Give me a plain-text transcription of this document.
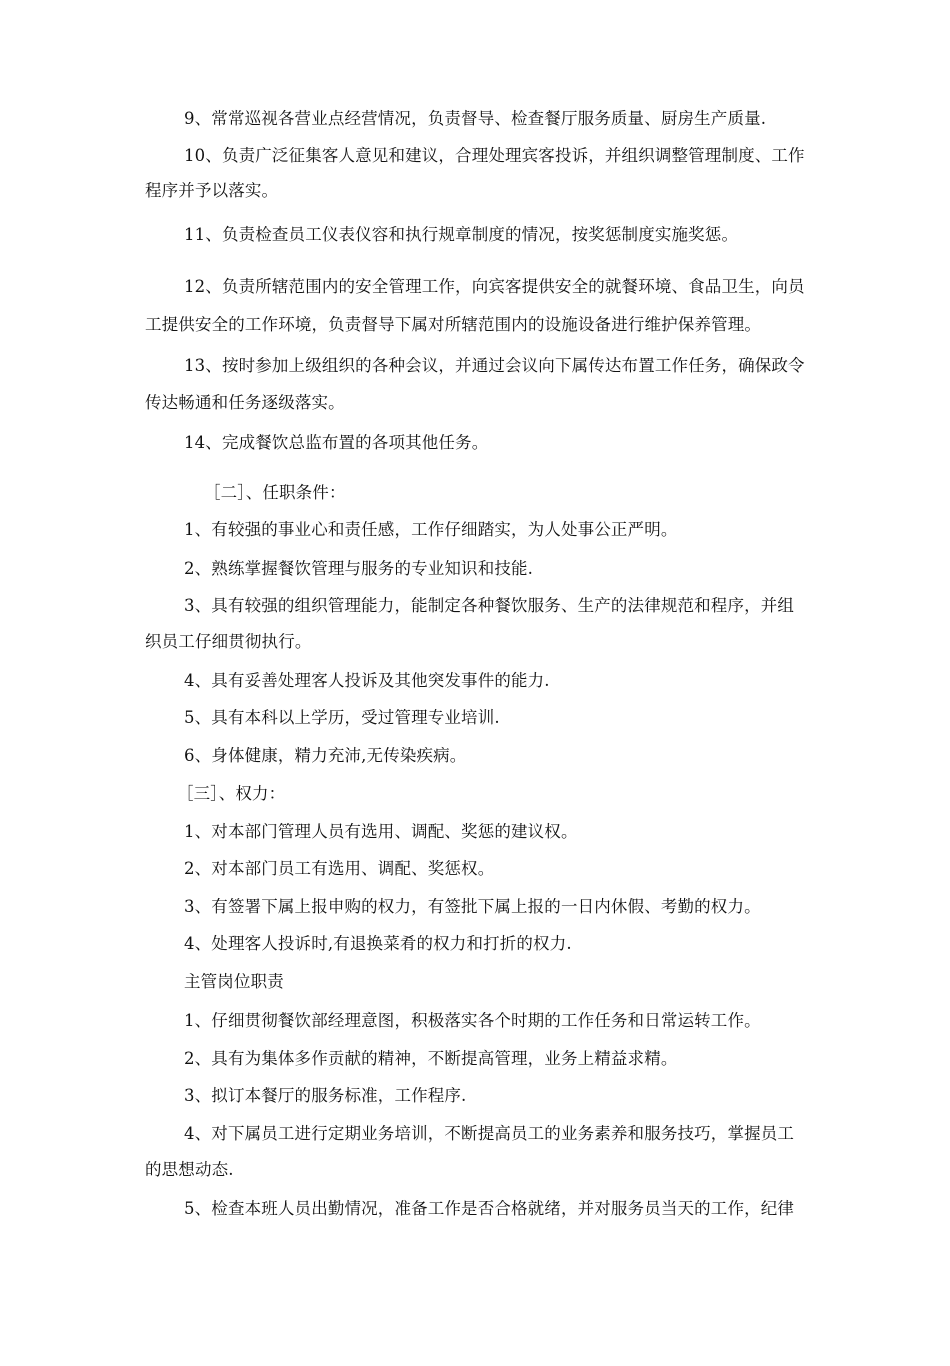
9、常常巡视各营业点经营情况，负责督导、检查餐厅服务质量、厨房生产质量.
10、负责广泛征集客人意见和建议，合理处理宾客投诉，并组织调整管理制度、工作
程序并予以落实。
11、负责检查员工仪表仪容和执行规章制度的情况，按奖惩制度实施奖惩。
12、负责所辖范围内的安全管理工作，向宾客提供安全的就餐环境、食品卫生，向员
工提供安全的工作环境，负责督导下属对所辖范围内的设施设备进行维护保养管理。
13、按时参加上级组织的各种会议，并通过会议向下属传达布置工作任务，确保政令
传达畅通和任务逐级落实。
14、完成餐饮总监布置的各项其他任务。
［二］、任职条件：
1、有较强的事业心和责任感，工作仔细踏实，为人处事公正严明。
2、熟练掌握餐饮管理与服务的专业知识和技能.
3、具有较强的组织管理能力，能制定各种餐饮服务、生产的法律规范和程序，并组
织员工仔细贯彻执行。
4、具有妥善处理客人投诉及其他突发事件的能力.
5、具有本科以上学历，受过管理专业培训.
6、身体健康，精力充沛,无传染疾病。
［三］、权力：
1、对本部门管理人员有选用、调配、奖惩的建议权。
2、对本部门员工有选用、调配、奖惩权。
3、有签署下属上报申购的权力，有签批下属上报的一日内休假、考勤的权力。
4、处理客人投诉时,有退换菜肴的权力和打折的权力.
主管岗位职责
1、仔细贯彻餐饮部经理意图，积极落实各个时期的工作任务和日常运转工作。
2、具有为集体多作贡献的精神，不断提高管理，业务上精益求精。
3、拟订本餐厅的服务标准，工作程序.
4、对下属员工进行定期业务培训，不断提高员工的业务素养和服务技巧，掌握员工
的思想动态.
5、检查本班人员出勤情况，准备工作是否合格就绪，并对服务员当天的工作，纪律
